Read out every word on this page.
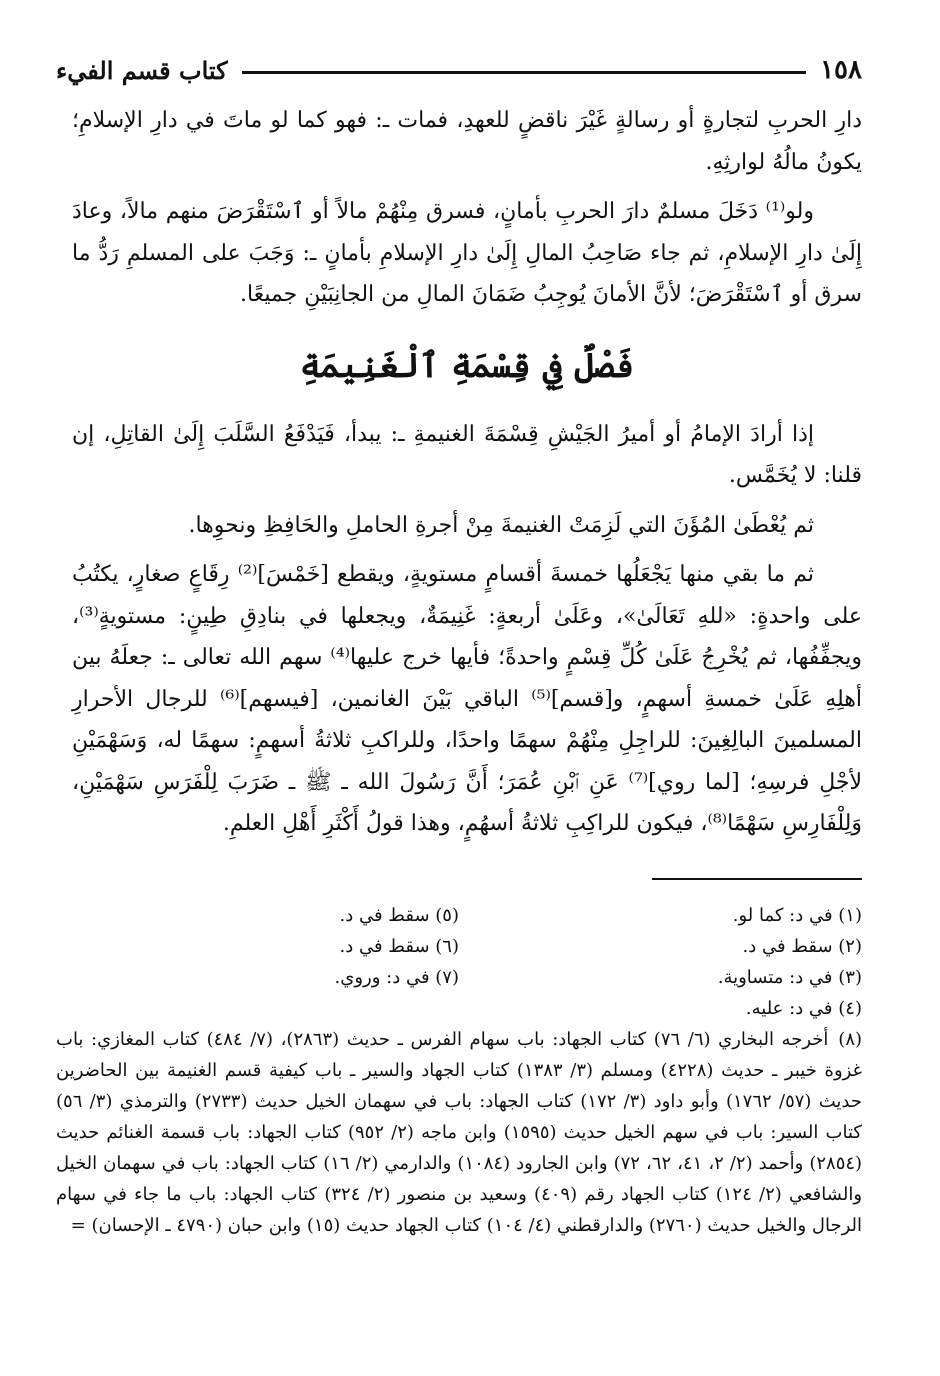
١٥٨
كتاب قسم الفيء

دارِ الحربِ لتجارةٍ أو رسالةٍ غَيْرَ ناقضٍ للعهدِ، فمات ـ: فهو كما لو ماتَ في دارِ الإسلامِ؛ يكونُ مالُهُ لوارثِهِ.

ولو⁽¹⁾ دَخَلَ مسلمٌ دارَ الحربِ بأمانٍ، فسرق مِنْهُمْ مالاً أو ٱسْتَقْرَضَ منهم مالاً، وعادَ إِلَىٰ دارِ الإسلامِ، ثم جاء صَاحِبُ المالِ إِلَىٰ دارِ الإسلامِ بأمانٍ ـ: وَجَبَ على المسلمِ رَدُّ ما سرق أو ٱسْتَقْرَضَ؛ لأنَّ الأمانَ يُوجِبُ ضَمَانَ المالِ من الجانِبَيْنِ جميعًا.

فَصْلٌ فِي قِسْمَةِ ٱلْغَنِيمَةِ

إذا أرادَ الإمامُ أو أميرُ الجَيْشِ قِسْمَةَ الغنيمةِ ـ: يبدأ، فَيَدْفَعُ السَّلَبَ إِلَىٰ القاتِلِ، إن قلنا: لا يُخَمَّس.

ثم يُعْطَىٰ المُؤَنَ التي لَزِمَتْ الغنيمةَ مِنْ أجرةِ الحاملِ والحَافِظِ ونحوِها.

ثم ما بقي منها يَجْعَلُها خمسةَ أقسامٍ مستويةٍ، ويقطع [خَمْسَ]⁽²⁾ رِقَاعٍ صغارٍ، يكتُبُ على واحدةٍ: «للهِ تَعَالَىٰ»، وعَلَىٰ أربعةٍ: غَنِيمَةٌ، ويجعلها في بنادِقِ طِينٍ: مستويةٍ⁽³⁾، ويجفِّفُها، ثم يُخْرِجُ عَلَىٰ كُلِّ قِسْمٍ واحدةً؛ فأيها خرج عليها⁽⁴⁾ سهم الله تعالى ـ: جعلَهُ بين أهلِهِ عَلَىٰ خمسةِ أسهمٍ، و[قسم]⁽⁵⁾ الباقي بَيْنَ الغانمين، [فيسهم]⁽⁶⁾ للرجال الأحرارِ المسلمينَ البالِغِينَ: للراجِلِ مِنْهُمْ سهمًا واحدًا، وللراكبِ ثلاثةُ أسهمٍ: سهمًا له، وَسَهْمَيْنِ لأجْلِ فرسِهِ؛ [لما روي]⁽⁷⁾ عَنِ ٱبْنِ عُمَرَ؛ أَنَّ رَسُولَ الله ـ ﷺ ـ ضَرَبَ لِلْفَرَسِ سَهْمَيْنِ، وَلِلْفَارِسِ سَهْمًا⁽⁸⁾، فيكون للراكِبِ ثلاثةُ أسهُمٍ، وهذا قولُ أَكْثَرِ أَهْلِ العلمِ.

(١) في د: كما لو.
(٢) سقط في د.
(٣) في د: متساوية.
(٤) في د: عليه.
(٥) سقط في د.
(٦) سقط في د.
(٧) في د: وروي.
(٨) أخرجه البخاري (٦/ ٧٦) كتاب الجهاد: باب سهام الفرس ـ حديث (٢٨٦٣)، (٧/ ٤٨٤) كتاب المغازي: باب غزوة خيبر ـ حديث (٤٢٢٨) ومسلم (٣/ ١٣٨٣) كتاب الجهاد والسير ـ باب كيفية قسم الغنيمة بين الحاضرين حديث (٥٧/ ١٧٦٢) وأبو داود (٣/ ١٧٢) كتاب الجهاد: باب في سهمان الخيل حديث (٢٧٣٣) والترمذي (٣/ ٥٦) كتاب السير: باب في سهم الخيل حديث (١٥٩٥) وابن ماجه (٢/ ٩٥٢) كتاب الجهاد: باب قسمة الغنائم حديث (٢٨٥٤) وأحمد (٢/ ٢، ٤١، ٦٢، ٧٢) وابن الجارود (١٠٨٤) والدارمي (٢/ ١٦) كتاب الجهاد: باب في سهمان الخيل والشافعي (٢/ ١٢٤) كتاب الجهاد رقم (٤٠٩) وسعيد بن منصور (٢/ ٣٢٤) كتاب الجهاد: باب ما جاء في سهام الرجال والخيل حديث (٢٧٦٠) والدارقطني (٤/ ١٠٤) كتاب الجهاد حديث (١٥) وابن حبان (٤٧٩٠ ـ الإحسان) =
